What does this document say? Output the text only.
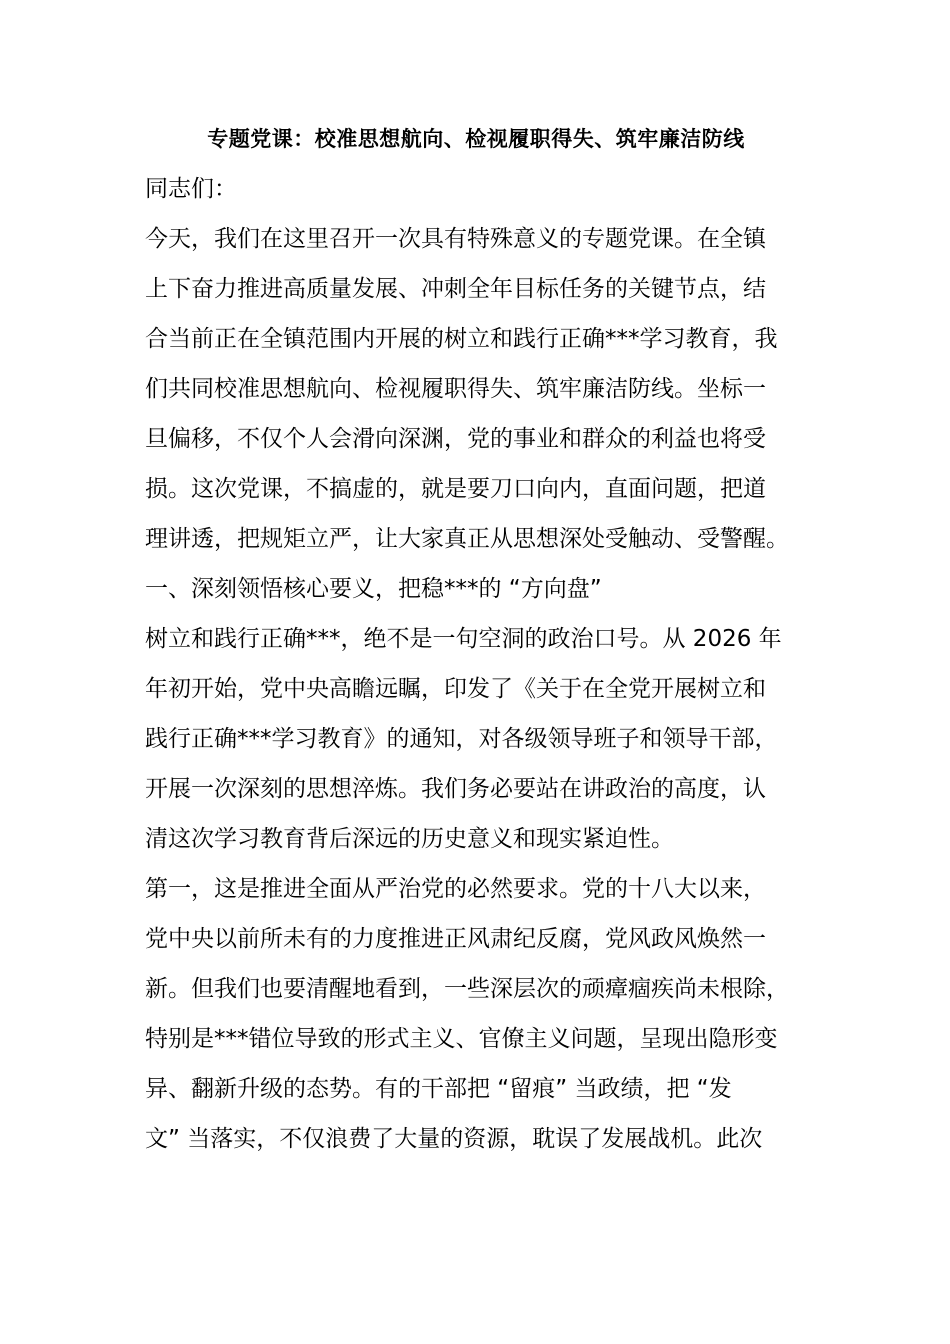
专题党课：校准思想航向、检视履职得失、筑牢廉洁防线
同志们：
今天，我们在这里召开一次具有特殊意义的专题党课。在全镇
上下奋力推进高质量发展、冲刺全年目标任务的关键节点，结
合当前正在全镇范围内开展的树立和践行正确***学习教育，我
们共同校准思想航向、检视履职得失、筑牢廉洁防线。坐标一
旦偏移，不仅个人会滑向深渊，党的事业和群众的利益也将受
损。这次党课，不搞虚的，就是要刀口向内，直面问题，把道
理讲透，把规矩立严，让大家真正从思想深处受触动、受警醒。
一、深刻领悟核心要义，把稳***的 “方向盘”
树立和践行正确***，绝不是一句空洞的政治口号。从 2026 年
年初开始，党中央高瞻远瞩，印发了《关于在全党开展树立和
践行正确***学习教育》的通知，对各级领导班子和领导干部，
开展一次深刻的思想淬炼。我们务必要站在讲政治的高度，认
清这次学习教育背后深远的历史意义和现实紧迫性。
第一，这是推进全面从严治党的必然要求。党的十八大以来，
党中央以前所未有的力度推进正风肃纪反腐，党风政风焕然一
新。但我们也要清醒地看到，一些深层次的顽瘴痼疾尚未根除，
特别是***错位导致的形式主义、官僚主义问题，呈现出隐形变
异、翻新升级的态势。有的干部把 “留痕” 当政绩，把 “发
文” 当落实，不仅浪费了大量的资源，耽误了发展战机。此次
